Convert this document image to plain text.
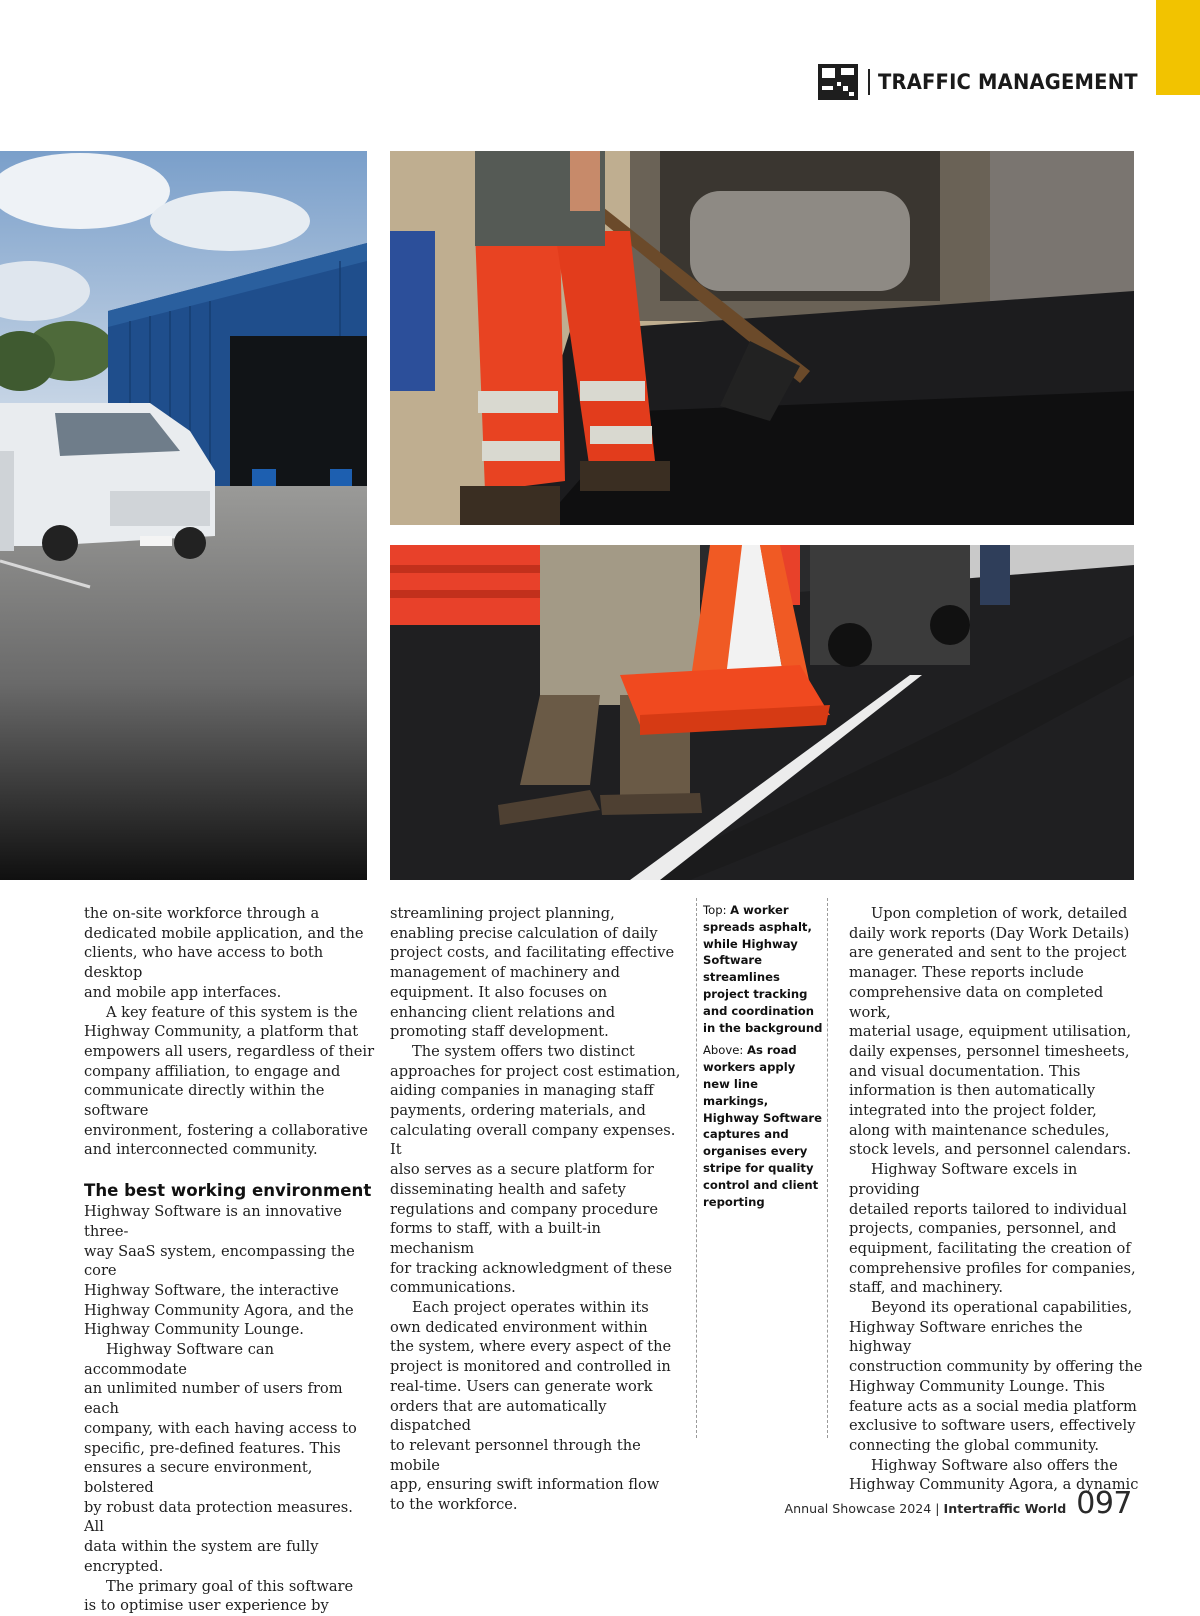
TRAFFIC MANAGEMENT

the on-site workforce through a
dedicated mobile application, and the
clients, who have access to both desktop
and mobile app interfaces.

A key feature of this system is the
Highway Community, a platform that
empowers all users, regardless of their
company affiliation, to engage and
communicate directly within the software
environment, fostering a collaborative
and interconnected community.

The best working environment

Highway Software is an innovative three-
way SaaS system, encompassing the core
Highway Software, the interactive
Highway Community Agora, and the
Highway Community Lounge.

Highway Software can accommodate
an unlimited number of users from each
company, with each having access to
specific, pre-defined features. This
ensures a secure environment, bolstered
by robust data protection measures. All
data within the system are fully encrypted.

The primary goal of this software
is to optimise user experience by

streamlining project planning,
enabling precise calculation of daily
project costs, and facilitating effective
management of machinery and
equipment. It also focuses on
enhancing client relations and
promoting staff development.

The system offers two distinct
approaches for project cost estimation,
aiding companies in managing staff
payments, ordering materials, and
calculating overall company expenses. It
also serves as a secure platform for
disseminating health and safety
regulations and company procedure
forms to staff, with a built-in mechanism
for tracking acknowledgment of these
communications.

Each project operates within its
own dedicated environment within
the system, where every aspect of the
project is monitored and controlled in
real-time. Users can generate work
orders that are automatically dispatched
to relevant personnel through the mobile
app, ensuring swift information flow
to the workforce.

Top: A worker spreads asphalt, while Highway Software streamlines project tracking and coordination in the background
Above: As road workers apply new line markings, Highway Software captures and organises every stripe for quality control and client reporting

Upon completion of work, detailed
daily work reports (Day Work Details)
are generated and sent to the project
manager. These reports include
comprehensive data on completed work,
material usage, equipment utilisation,
daily expenses, personnel timesheets,
and visual documentation. This
information is then automatically
integrated into the project folder,
along with maintenance schedules,
stock levels, and personnel calendars.

Highway Software excels in providing
detailed reports tailored to individual
projects, companies, personnel, and
equipment, facilitating the creation of
comprehensive profiles for companies,
staff, and machinery.

Beyond its operational capabilities,
Highway Software enriches the highway
construction community by offering the
Highway Community Lounge. This
feature acts as a social media platform
exclusive to software users, effectively
connecting the global community.

Highway Software also offers the
Highway Community Agora, a dynamic

Annual Showcase 2024 | Intertraffic World 097
